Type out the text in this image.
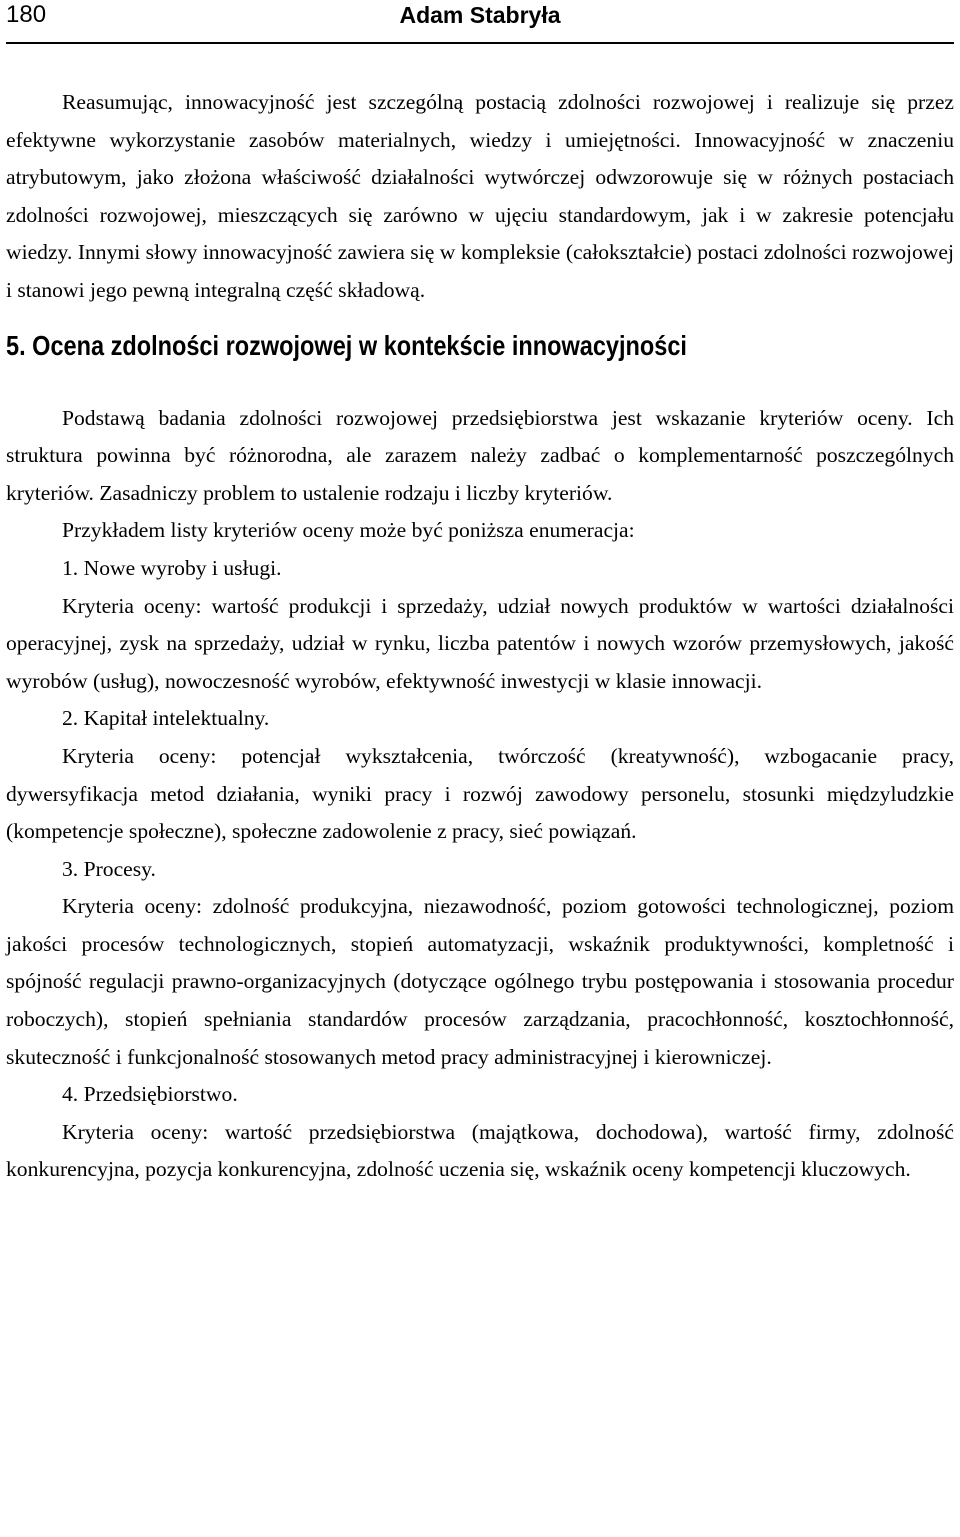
180	Adam Stabryła

Reasumując, innowacyjność jest szczególną postacią zdolności rozwojowej i realizuje się przez efektywne wykorzystanie zasobów materialnych, wiedzy i umiejętności. Innowacyjność w znaczeniu atrybutowym, jako złożona właściwość działalności wytwórczej odwzorowuje się w różnych postaciach zdolności rozwojowej, mieszczących się zarówno w ujęciu standardowym, jak i w zakresie potencjału wiedzy. Innymi słowy innowacyjność zawiera się w kompleksie (całokształcie) postaci zdolności rozwojowej i stanowi jego pewną integralną część składową.

5. Ocena zdolności rozwojowej w kontekście innowacyjności

Podstawą badania zdolności rozwojowej przedsiębiorstwa jest wskazanie kryteriów oceny. Ich struktura powinna być różnorodna, ale zarazem należy zadbać o komplementarność poszczególnych kryteriów. Zasadniczy problem to ustalenie rodzaju i liczby kryteriów.

Przykładem listy kryteriów oceny może być poniższa enumeracja:

1. Nowe wyroby i usługi.

Kryteria oceny: wartość produkcji i sprzedaży, udział nowych produktów w wartości działalności operacyjnej, zysk na sprzedaży, udział w rynku, liczba patentów i nowych wzorów przemysłowych, jakość wyrobów (usług), nowoczesność wyrobów, efektywność inwestycji w klasie innowacji.

2. Kapitał intelektualny.

Kryteria oceny: potencjał wykształcenia, twórczość (kreatywność), wzbogacanie pracy, dywersyfikacja metod działania, wyniki pracy i rozwój zawodowy personelu, stosunki międzyludzkie (kompetencje społeczne), społeczne zadowolenie z pracy, sieć powiązań.

3. Procesy.

Kryteria oceny: zdolność produkcyjna, niezawodność, poziom gotowości technologicznej, poziom jakości procesów technologicznych, stopień automatyzacji, wskaźnik produktywności, kompletność i spójność regulacji prawno-organizacyjnych (dotyczące ogólnego trybu postępowania i stosowania procedur roboczych), stopień spełniania standardów procesów zarządzania, pracochłonność, kosztochłonność, skuteczność i funkcjonalność stosowanych metod pracy administracyjnej i kierowniczej.

4. Przedsiębiorstwo.

Kryteria oceny: wartość przedsiębiorstwa (majątkowa, dochodowa), wartość firmy, zdolność konkurencyjna, pozycja konkurencyjna, zdolność uczenia się, wskaźnik oceny kompetencji kluczowych.
